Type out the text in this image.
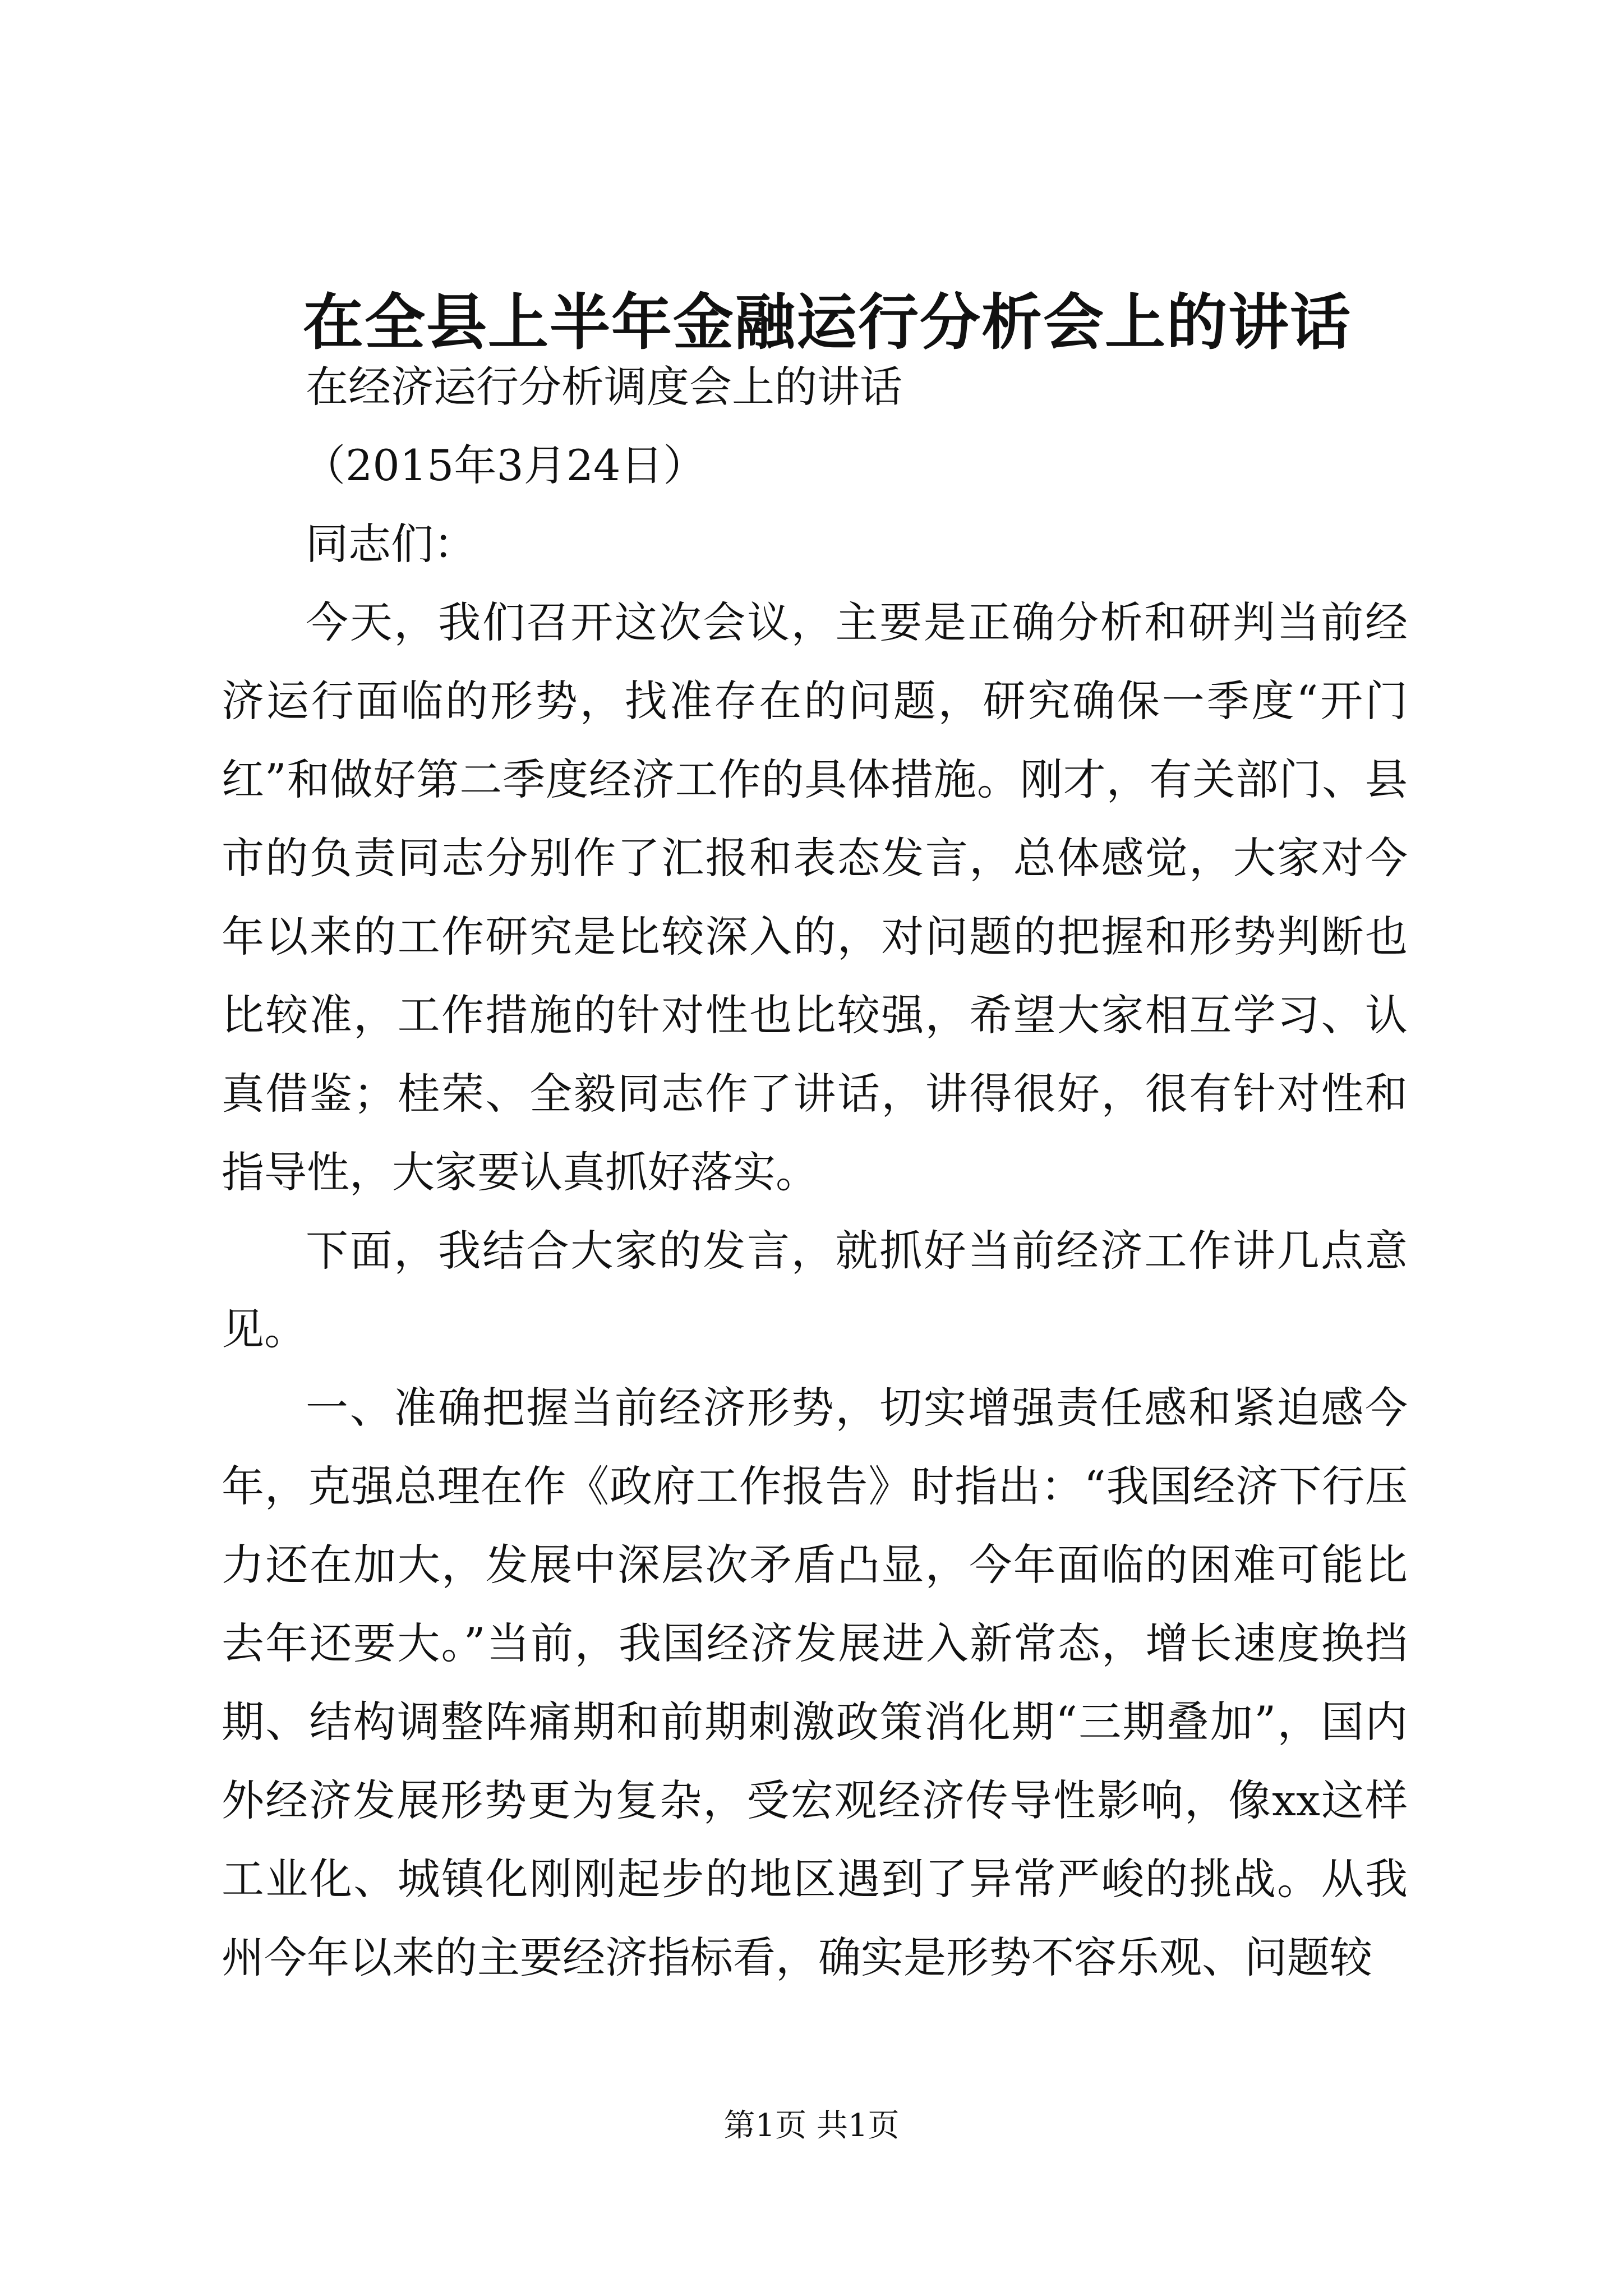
在全县上半年金融运行分析会上的讲话

在经济运行分析调度会上的讲话

（2015年3月24日）

同志们：

今天，我们召开这次会议，主要是正确分析和研判当前经济运行面临的形势，找准存在的问题，研究确保一季度“开门红”和做好第二季度经济工作的具体措施。刚才，有关部门、县市的负责同志分别作了汇报和表态发言，总体感觉，大家对今年以来的工作研究是比较深入的，对问题的把握和形势判断也比较准，工作措施的针对性也比较强，希望大家相互学习、认真借鉴；桂荣、全毅同志作了讲话，讲得很好，很有针对性和指导性，大家要认真抓好落实。

下面，我结合大家的发言，就抓好当前经济工作讲几点意见。

一、准确把握当前经济形势，切实增强责任感和紧迫感今年，克强总理在作《政府工作报告》时指出：“我国经济下行压力还在加大，发展中深层次矛盾凸显，今年面临的困难可能比去年还要大。”当前，我国经济发展进入新常态，增长速度换挡期、结构调整阵痛期和前期刺激政策消化期“三期叠加”，国内外经济发展形势更为复杂，受宏观经济传导性影响，像xx这样工业化、城镇化刚刚起步的地区遇到了异常严峻的挑战。从我州今年以来的主要经济指标看，确实是形势不容乐观、问题较

第1页 共1页
